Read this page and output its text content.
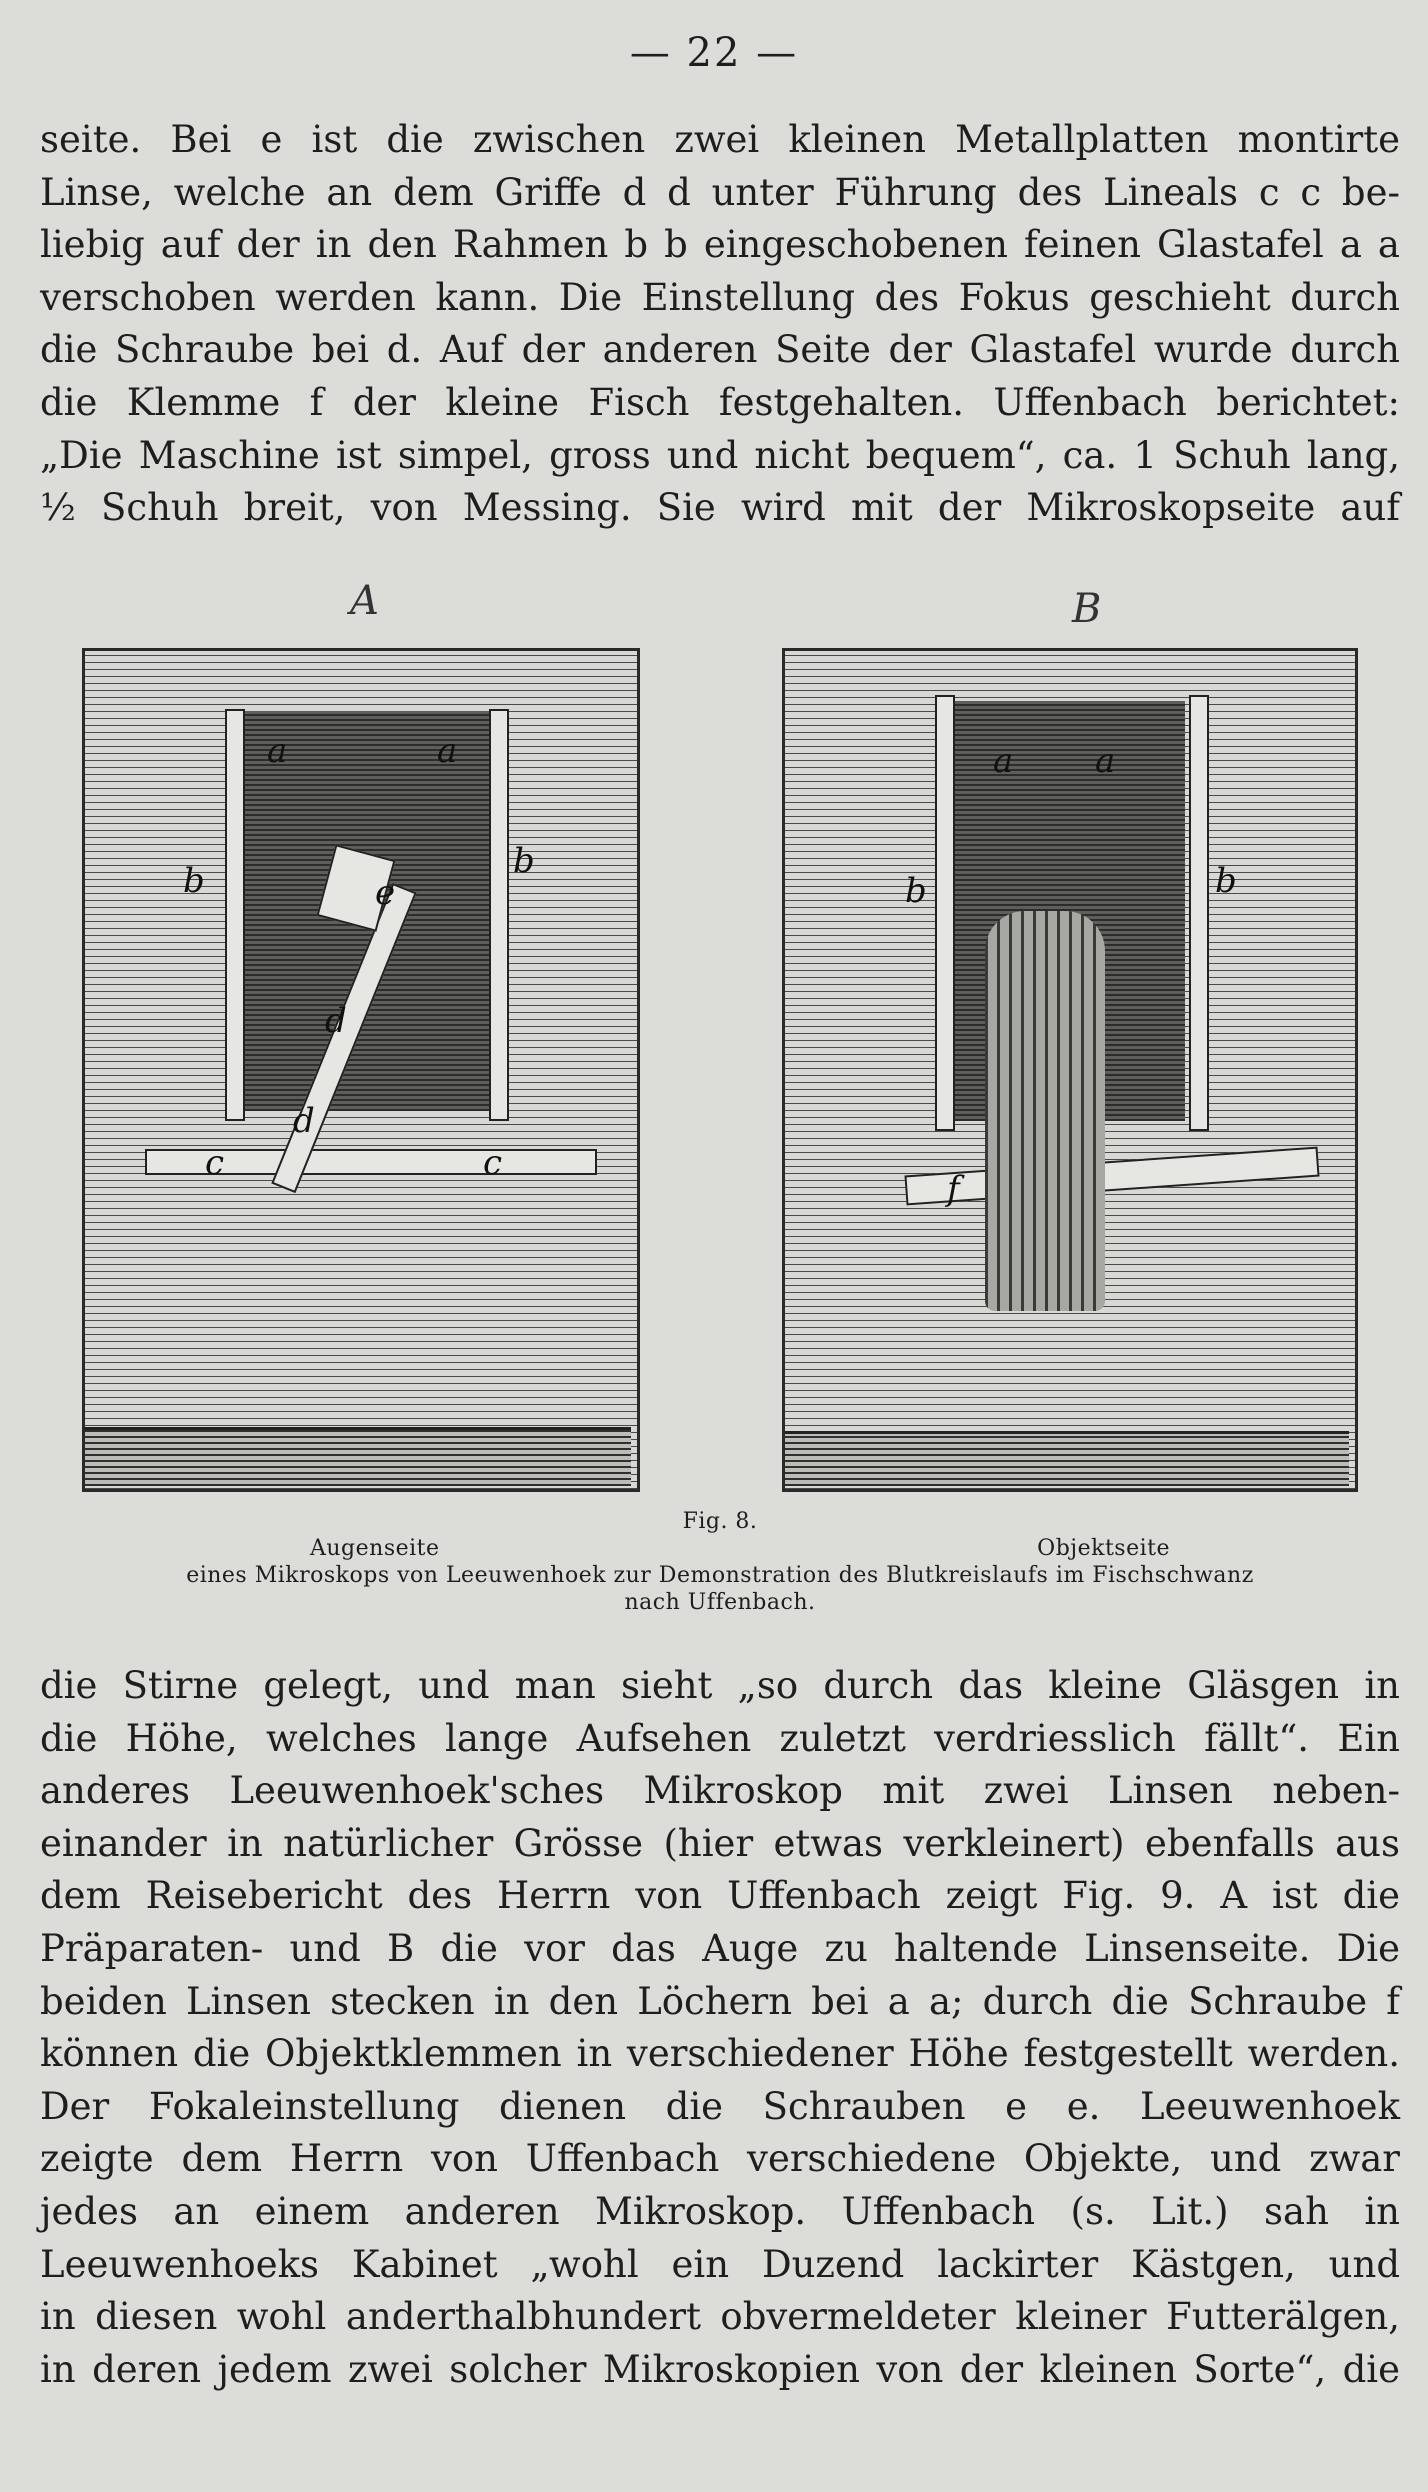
— 22 —
seite. Bei e ist die zwischen zwei kleinen Metallplatten montirte
Linse, welche an dem Griffe d d unter Führung des Lineals c c be-
liebig auf der in den Rahmen b b eingeschobenen feinen Glastafel a a
verschoben werden kann. Die Einstellung des Fokus geschieht durch
die Schraube bei d. Auf der anderen Seite der Glastafel wurde durch
die Klemme f der kleine Fisch festgehalten. Uffenbach berichtet:
„Die Maschine ist simpel, gross und nicht bequem“, ca. 1 Schuh lang,
½ Schuh breit, von Messing. Sie wird mit der Mikroskopseite auf
A	B
a	a
b	b
e
d
d
c	c
a a
b	b
f
Fig. 8.
Augenseite	Objektseite
eines Mikroskops von Leeuwenhoek zur Demonstration des Blutkreislaufs im Fischschwanz
nach Uffenbach.
die Stirne gelegt, und man sieht „so durch das kleine Gläsgen in
die Höhe, welches lange Aufsehen zuletzt verdriesslich fällt“. Ein
anderes Leeuwenhoek'sches Mikroskop mit zwei Linsen neben-
einander in natürlicher Grösse (hier etwas verkleinert) ebenfalls aus
dem Reisebericht des Herrn von Uffenbach zeigt Fig. 9. A ist die
Präparaten- und B die vor das Auge zu haltende Linsenseite. Die
beiden Linsen stecken in den Löchern bei a a; durch die Schraube f
können die Objektklemmen in verschiedener Höhe festgestellt werden.
Der Fokaleinstellung dienen die Schrauben e e. Leeuwenhoek
zeigte dem Herrn von Uffenbach verschiedene Objekte, und zwar
jedes an einem anderen Mikroskop. Uffenbach (s. Lit.) sah in
Leeuwenhoeks Kabinet „wohl ein Duzend lackirter Kästgen, und
in diesen wohl anderthalbhundert obvermeldeter kleiner Futterälgen,
in deren jedem zwei solcher Mikroskopien von der kleinen Sorte“, die
